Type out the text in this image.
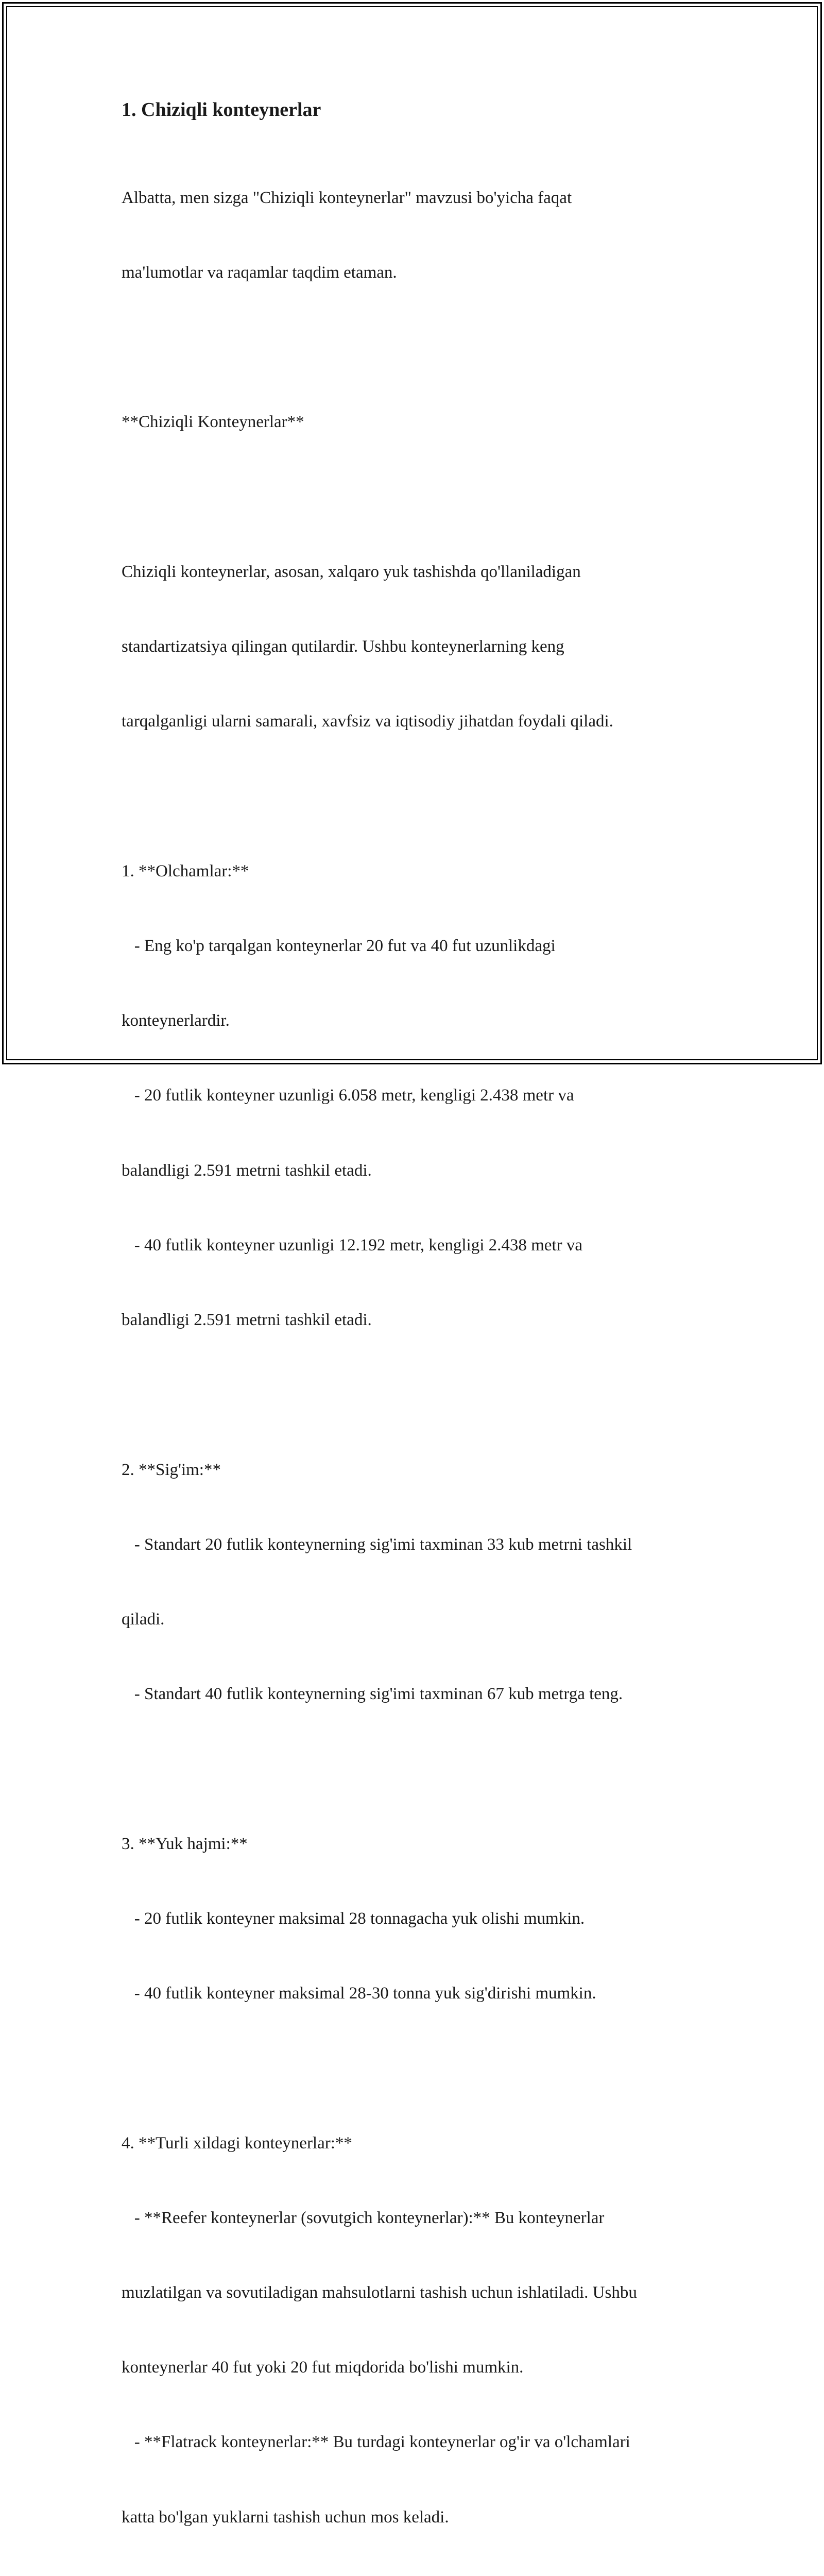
1. Chiziqli konteynerlar

Albatta, men sizga "Chiziqli konteynerlar" mavzusi bo'yicha faqat

ma'lumotlar va raqamlar taqdim etaman.

**Chiziqli Konteynerlar**

Chiziqli konteynerlar, asosan, xalqaro yuk tashishda qo'llaniladigan

standartizatsiya qilingan qutilardir. Ushbu konteynerlarning keng

tarqalganligi ularni samarali, xavfsiz va iqtisodiy jihatdan foydali qiladi.

1. **Olchamlar:**

- Eng ko'p tarqalgan konteynerlar 20 fut va 40 fut uzunlikdagi

konteynerlardir.

- 20 futlik konteyner uzunligi 6.058 metr, kengligi 2.438 metr va

balandligi 2.591 metrni tashkil etadi.

- 40 futlik konteyner uzunligi 12.192 metr, kengligi 2.438 metr va

balandligi 2.591 metrni tashkil etadi.

2. **Sig'im:**

- Standart 20 futlik konteynerning sig'imi taxminan 33 kub metrni tashkil

qiladi.

- Standart 40 futlik konteynerning sig'imi taxminan 67 kub metrga teng.

3. **Yuk hajmi:**

- 20 futlik konteyner maksimal 28 tonnagacha yuk olishi mumkin.

- 40 futlik konteyner maksimal 28-30 tonna yuk sig'dirishi mumkin.

4. **Turli xildagi konteynerlar:**

- **Reefer konteynerlar (sovutgich konteynerlar):** Bu konteynerlar

muzlatilgan va sovutiladigan mahsulotlarni tashish uchun ishlatiladi. Ushbu

konteynerlar 40 fut yoki 20 fut miqdorida bo'lishi mumkin.

- **Flatrack konteynerlar:** Bu turdagi konteynerlar og'ir va o'lchamlari

katta bo'lgan yuklarni tashish uchun mos keladi.
